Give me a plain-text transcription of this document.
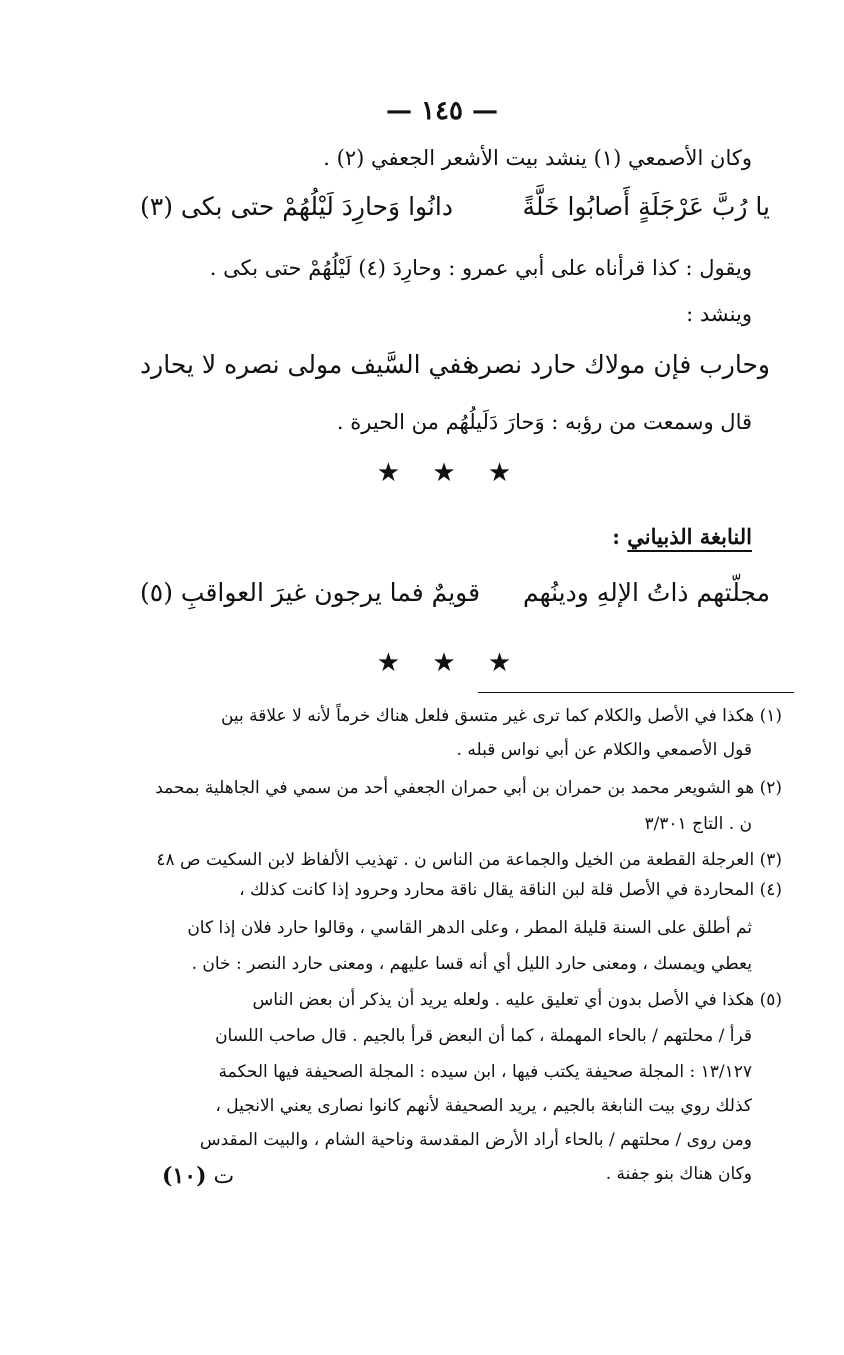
— ١٤٥ —
وكان الأصمعي (١) ينشد بيت الأشعر الجعفي (٢) .
يا رُبَّ عَرْجَلَةٍ أَصابُوا خَلَّةً
دانُوا وَحارِدَ لَيْلُهُمْ حتى بكى (٣)
ويقول : كذا قرأناه على أبي عمرو : وحارِدَ (٤) لَيْلُهُمْ حتى بكى .
وينشد :
وحارب فإن مولاك حارد نصره
ففي السَّيف مولى نصره لا يحارد
قال وسمعت من رؤبه : وَحارَ دَلَيلُهُم من الحيرة .
★ ★ ★
النابغة الذبياني :
مجلّتهم ذاتُ الإلهِ ودينُهم
قويمٌ فما يرجون غيرَ العواقبِ (٥)
★ ★ ★
(١) هكذا في الأصل والكلام كما ترى غير متسق فلعل هناك خرماً لأنه لا علاقة بين
قول الأصمعي والكلام عن أبي نواس قبله .
(٢) هو الشويعر محمد بن حمران بن أبي حمران الجعفي أحد من سمي في الجاهلية بمحمد
ن . التاج ٣/٣٠١
(٣) العرجلة القطعة من الخيل والجماعة من الناس ن . تهذيب الألفاظ لابن السكيت ص ٤٨
(٤) المحاردة في الأصل قلة لبن الناقة يقال ناقة محارد وحرود إذا كانت كذلك ،
ثم أطلق على السنة قليلة المطر ، وعلى الدهر القاسي ، وقالوا حارد فلان إذا كان
يعطي ويمسك ، ومعنى حارد الليل أي أنه قسا عليهم ، ومعنى حارد النصر : خان .
(٥) هكذا في الأصل بدون أي تعليق عليه . ولعله يريد أن يذكر أن بعض الناس
قرأ / محلتهم / بالحاء المهملة ، كما أن البعض قرأ بالجيم . قال صاحب اللسان
١٣/١٢٧ : المجلة صحيفة يكتب فيها ، ابن سيده : المجلة الصحيفة فيها الحكمة
كذلك روي بيت النابغة بالجيم ، يريد الصحيفة لأنهم كانوا نصارى يعني الانجيل ،
ومن روى / محلتهم / بالحاء أراد الأرض المقدسة وناحية الشام ، والبيت المقدس
وكان هناك بنو جفنة .
ت (١٠)
